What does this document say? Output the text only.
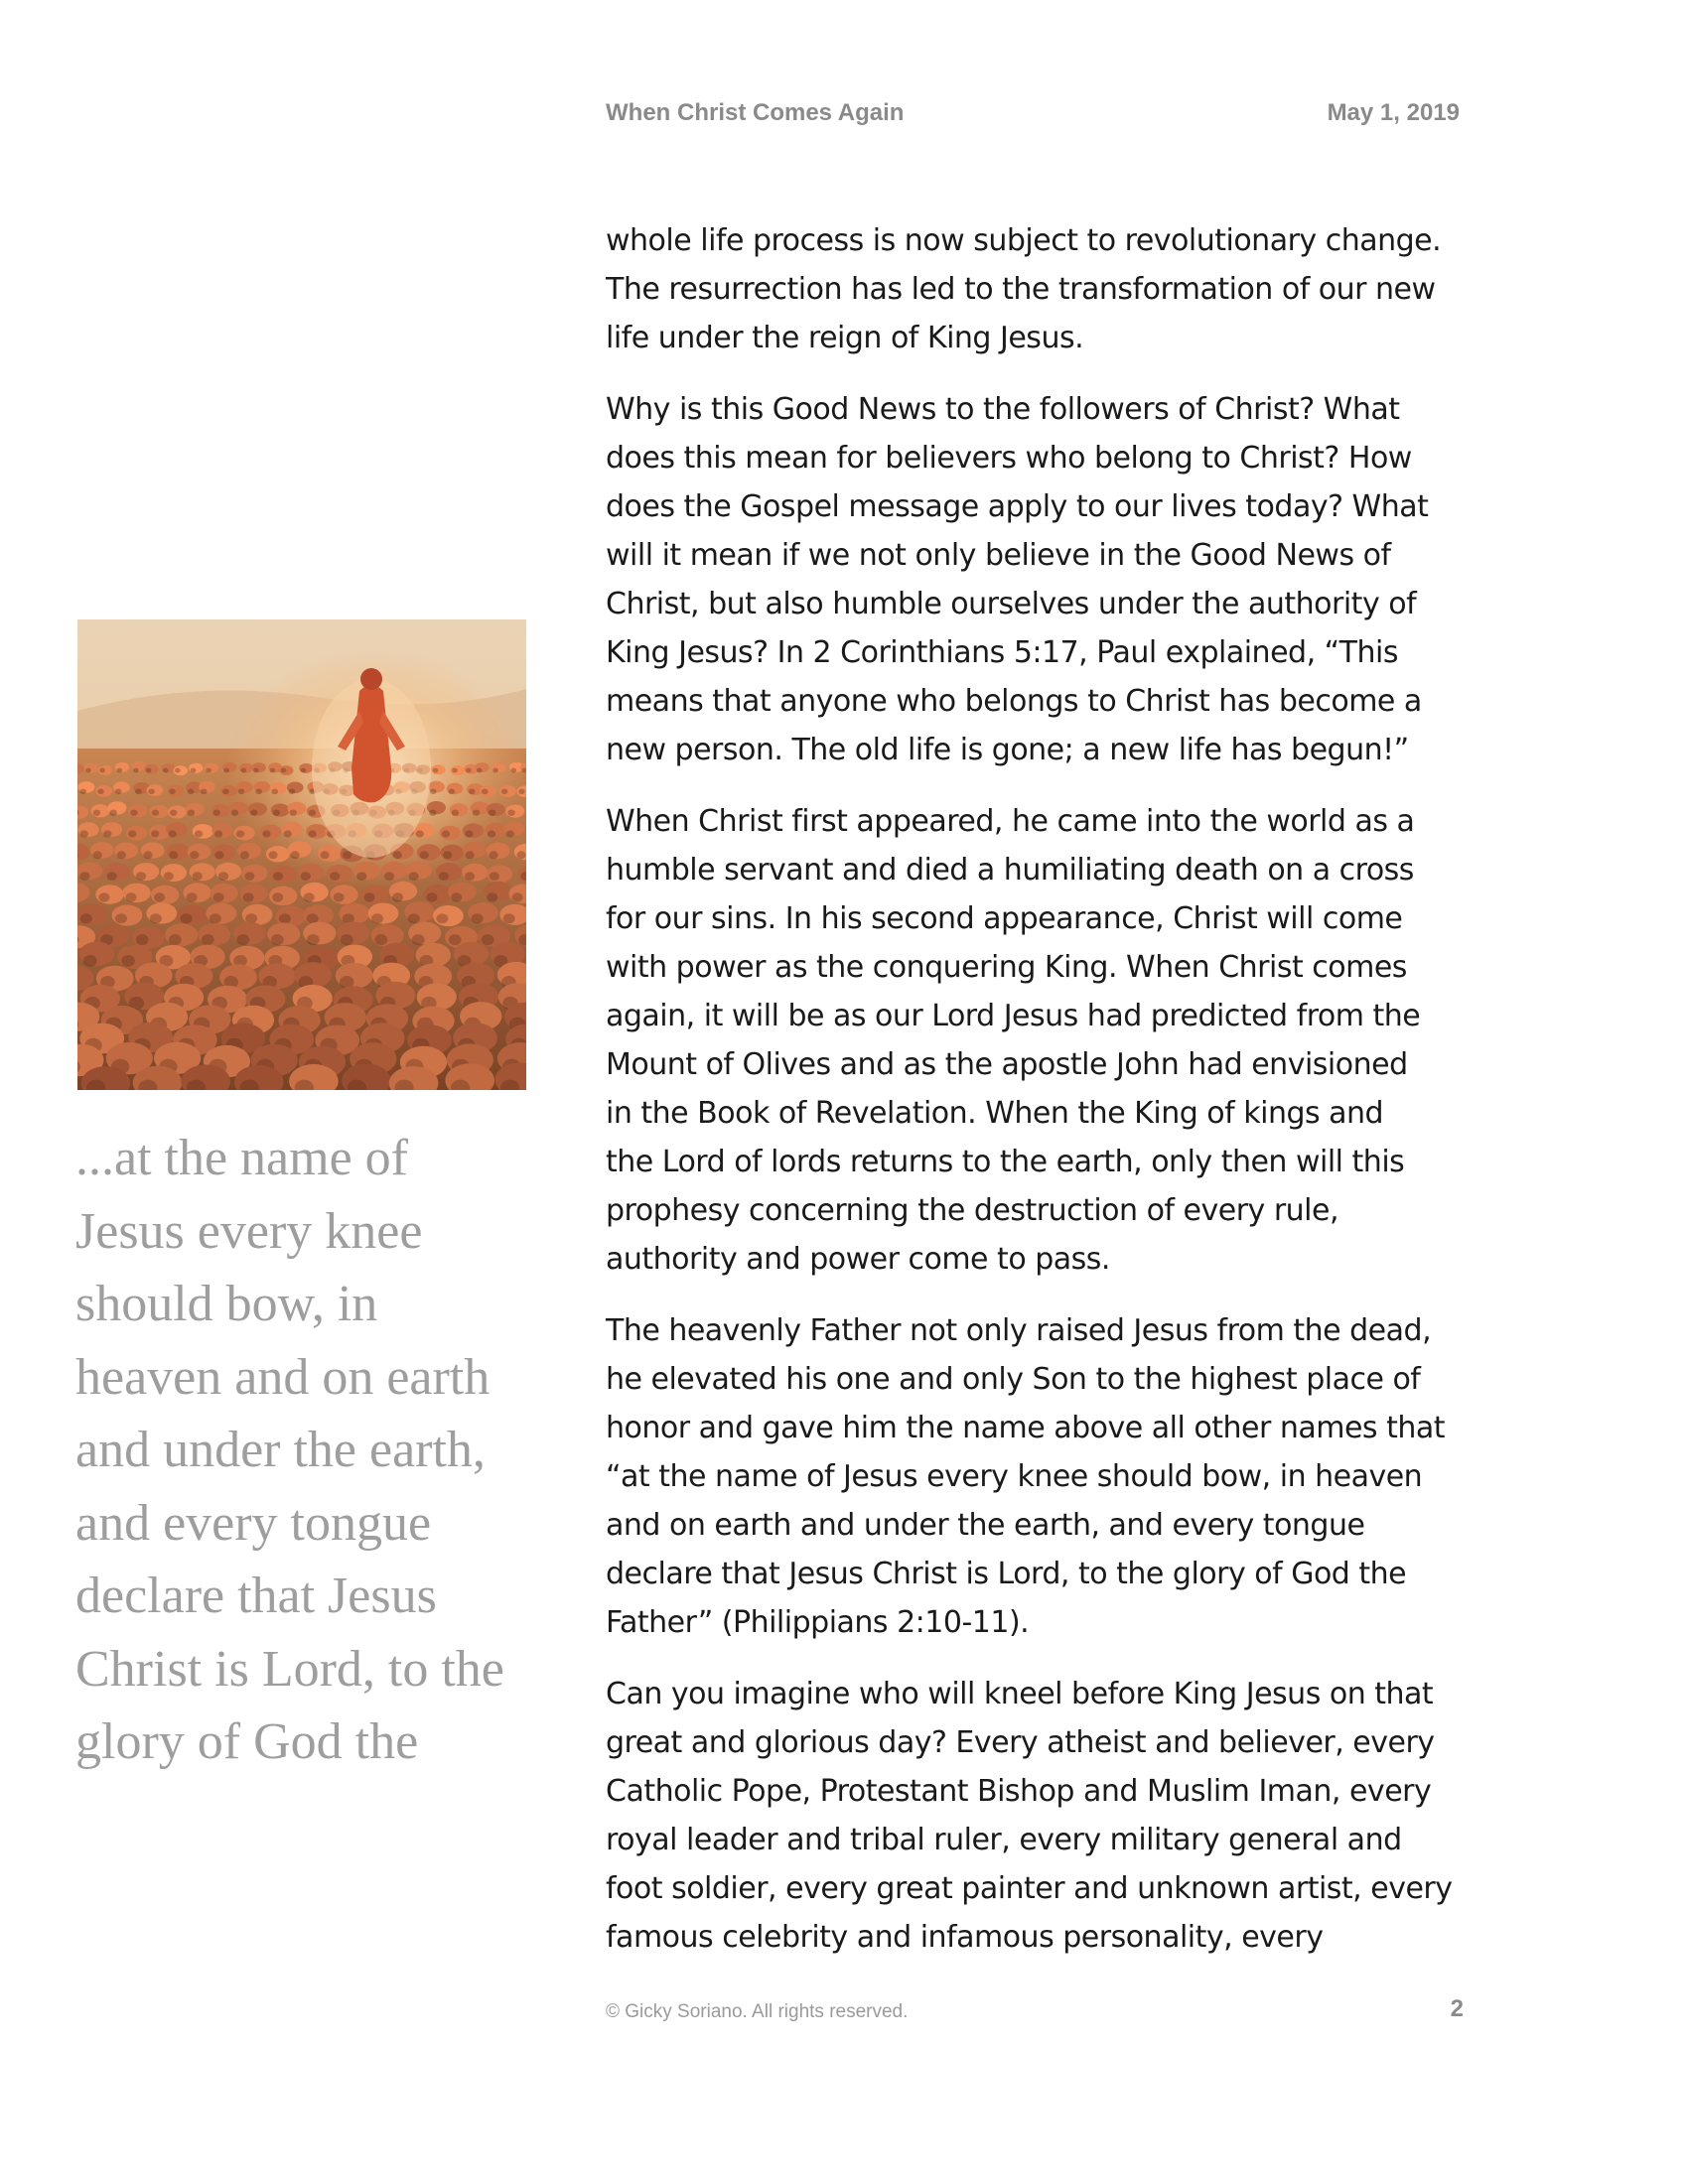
When Christ Comes Again	May 1, 2019
...at the name of
Jesus every knee
should bow, in
heaven and on earth
and under the earth,
and every tongue
declare that Jesus
Christ is Lord, to the
glory of God the

whole life process is now subject to revolutionary change.
The resurrection has led to the transformation of our new
life under the reign of King Jesus.

Why is this Good News to the followers of Christ? What
does this mean for believers who belong to Christ? How
does the Gospel message apply to our lives today? What
will it mean if we not only believe in the Good News of
Christ, but also humble ourselves under the authority of
King Jesus? In 2 Corinthians 5:17, Paul explained, “This
means that anyone who belongs to Christ has become a
new person. The old life is gone; a new life has begun!”

When Christ first appeared, he came into the world as a
humble servant and died a humiliating death on a cross
for our sins. In his second appearance, Christ will come
with power as the conquering King. When Christ comes
again, it will be as our Lord Jesus had predicted from the
Mount of Olives and as the apostle John had envisioned
in the Book of Revelation. When the King of kings and
the Lord of lords returns to the earth, only then will this
prophesy concerning the destruction of every rule,
authority and power come to pass.

The heavenly Father not only raised Jesus from the dead,
he elevated his one and only Son to the highest place of
honor and gave him the name above all other names that
“at the name of Jesus every knee should bow, in heaven
and on earth and under the earth, and every tongue
declare that Jesus Christ is Lord, to the glory of God the
Father” (Philippians 2:10-11).

Can you imagine who will kneel before King Jesus on that
great and glorious day? Every atheist and believer, every
Catholic Pope, Protestant Bishop and Muslim Iman, every
royal leader and tribal ruler, every military general and
foot soldier, every great painter and unknown artist, every
famous celebrity and infamous personality, every

© Gicky Soriano. All rights reserved.	2
